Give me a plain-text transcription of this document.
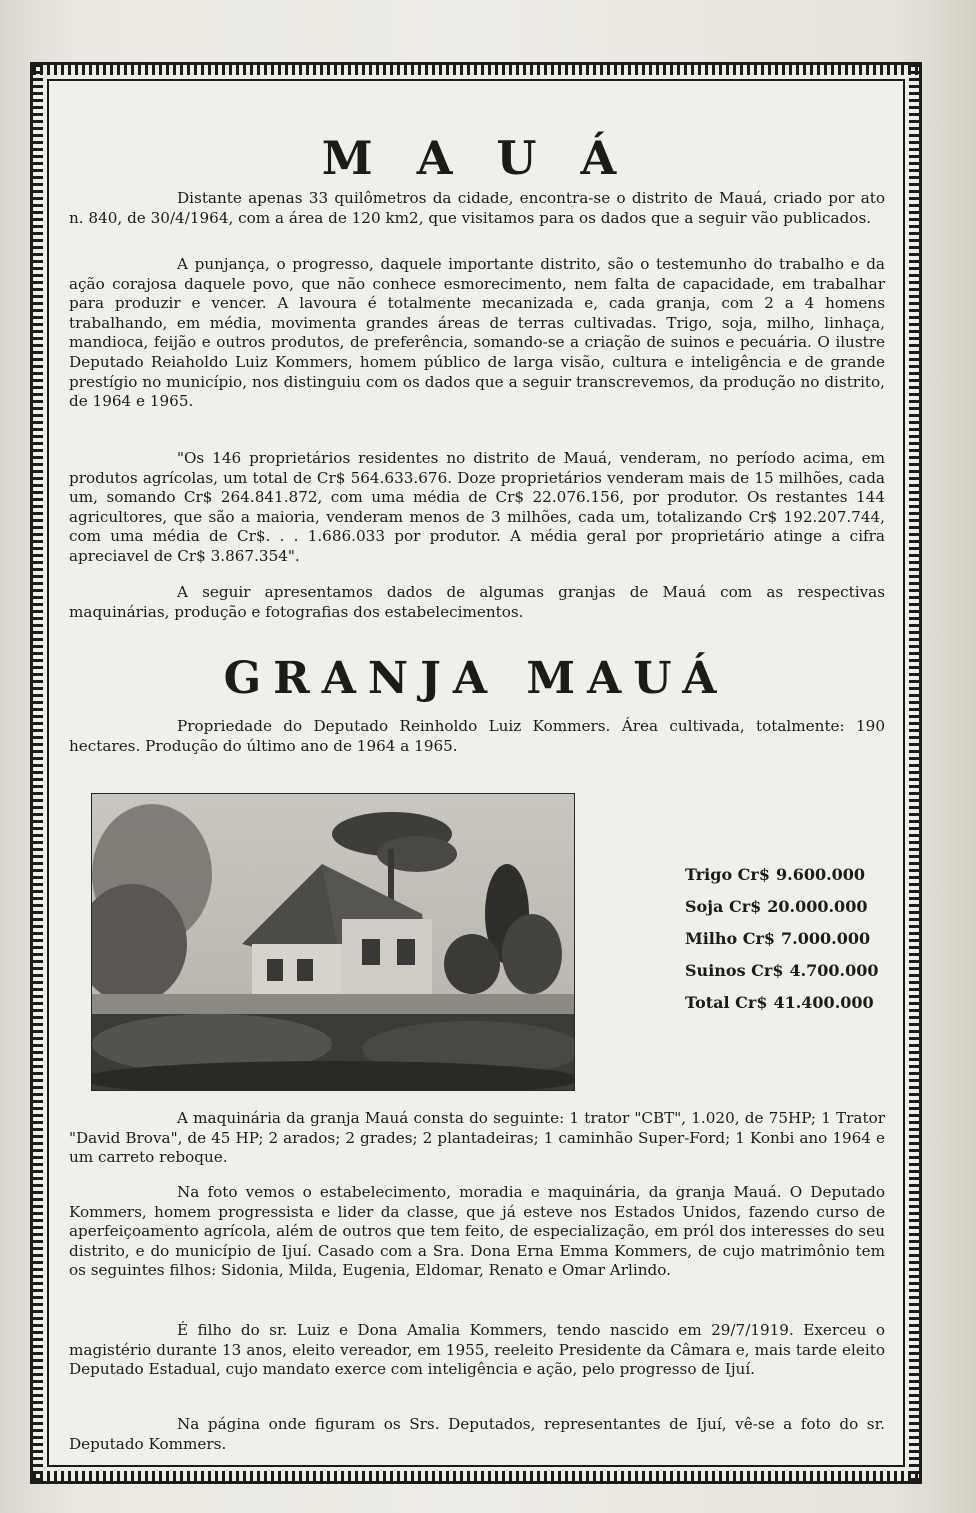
M A U Á

Distante apenas 33 quilômetros da cidade, encontra-se o distrito de Mauá, criado por ato n. 840, de 30/4/1964, com a área de 120 km2, que visitamos para os dados que a seguir vão publicados.

A punjança, o progresso, daquele importante distrito, são o testemunho do trabalho e da ação corajosa daquele povo, que não conhece esmorecimento, nem falta de capacidade, em trabalhar para produzir e vencer. A lavoura é totalmente mecanizada e, cada granja, com 2 a 4 homens trabalhando, em média, movimenta grandes áreas de terras cultivadas. Trigo, soja, milho, linhaça, mandioca, feijão e outros produtos, de preferência, somando-se a criação de suinos e pecuária. O ilustre Deputado Reiaholdo Luiz Kommers, homem público de larga visão, cultura e inteligência e de grande prestígio no município, nos distinguiu com os dados que a seguir transcrevemos, da produção no distrito, de 1964 e 1965.

"Os 146 proprietários residentes no distrito de Mauá, venderam, no período acima, em produtos agrícolas, um total de Cr$ 564.633.676. Doze proprietários venderam mais de 15 milhões, cada um, somando Cr$ 264.841.872, com uma média de Cr$ 22.076.156, por produtor. Os restantes 144 agricultores, que são a maioria, venderam menos de 3 milhões, cada um, totalizando Cr$ 192.207.744, com uma média de Cr$. . . 1.686.033 por produtor. A média geral por proprietário atinge a cifra apreciavel de Cr$ 3.867.354".

A seguir apresentamos dados de algumas granjas de Mauá com as respectivas maquinárias, produção e fotografias dos estabelecimentos.

GRANJA MAUÁ

Propriedade do Deputado Reinholdo Luiz Kommers. Área cultivada, totalmente: 190 hectares. Produção do último ano de 1964 a 1965.

Trigo Cr$ 9.600.000
Soja Cr$ 20.000.000
Milho Cr$ 7.000.000
Suinos Cr$ 4.700.000
Total Cr$ 41.400.000

A maquinária da granja Mauá consta do seguinte: 1 trator "CBT", 1.020, de 75HP; 1 Trator "David Brova", de 45 HP; 2 arados; 2 grades; 2 plantadeiras; 1 caminhão Super-Ford; 1 Konbi ano 1964 e um carreto reboque.

Na foto vemos o estabelecimento, moradia e maquinária, da granja Mauá. O Deputado Kommers, homem progressista e lider da classe, que já esteve nos Estados Unidos, fazendo curso de aperfeiçoamento agrícola, além de outros que tem feito, de especialização, em pról dos interesses do seu distrito, e do município de Ijuí. Casado com a Sra. Dona Erna Emma Kommers, de cujo matrimônio tem os seguintes filhos: Sidonia, Milda, Eugenia, Eldomar, Renato e Omar Arlindo.

É filho do sr. Luiz e Dona Amalia Kommers, tendo nascido em 29/7/1919. Exerceu o magistério durante 13 anos, eleito vereador, em 1955, reeleito Presidente da Câmara e, mais tarde eleito Deputado Estadual, cujo mandato exerce com inteligência e ação, pelo progresso de Ijuí.

Na página onde figuram os Srs. Deputados, representantes de Ijuí, vê-se a foto do sr. Deputado Kommers.
